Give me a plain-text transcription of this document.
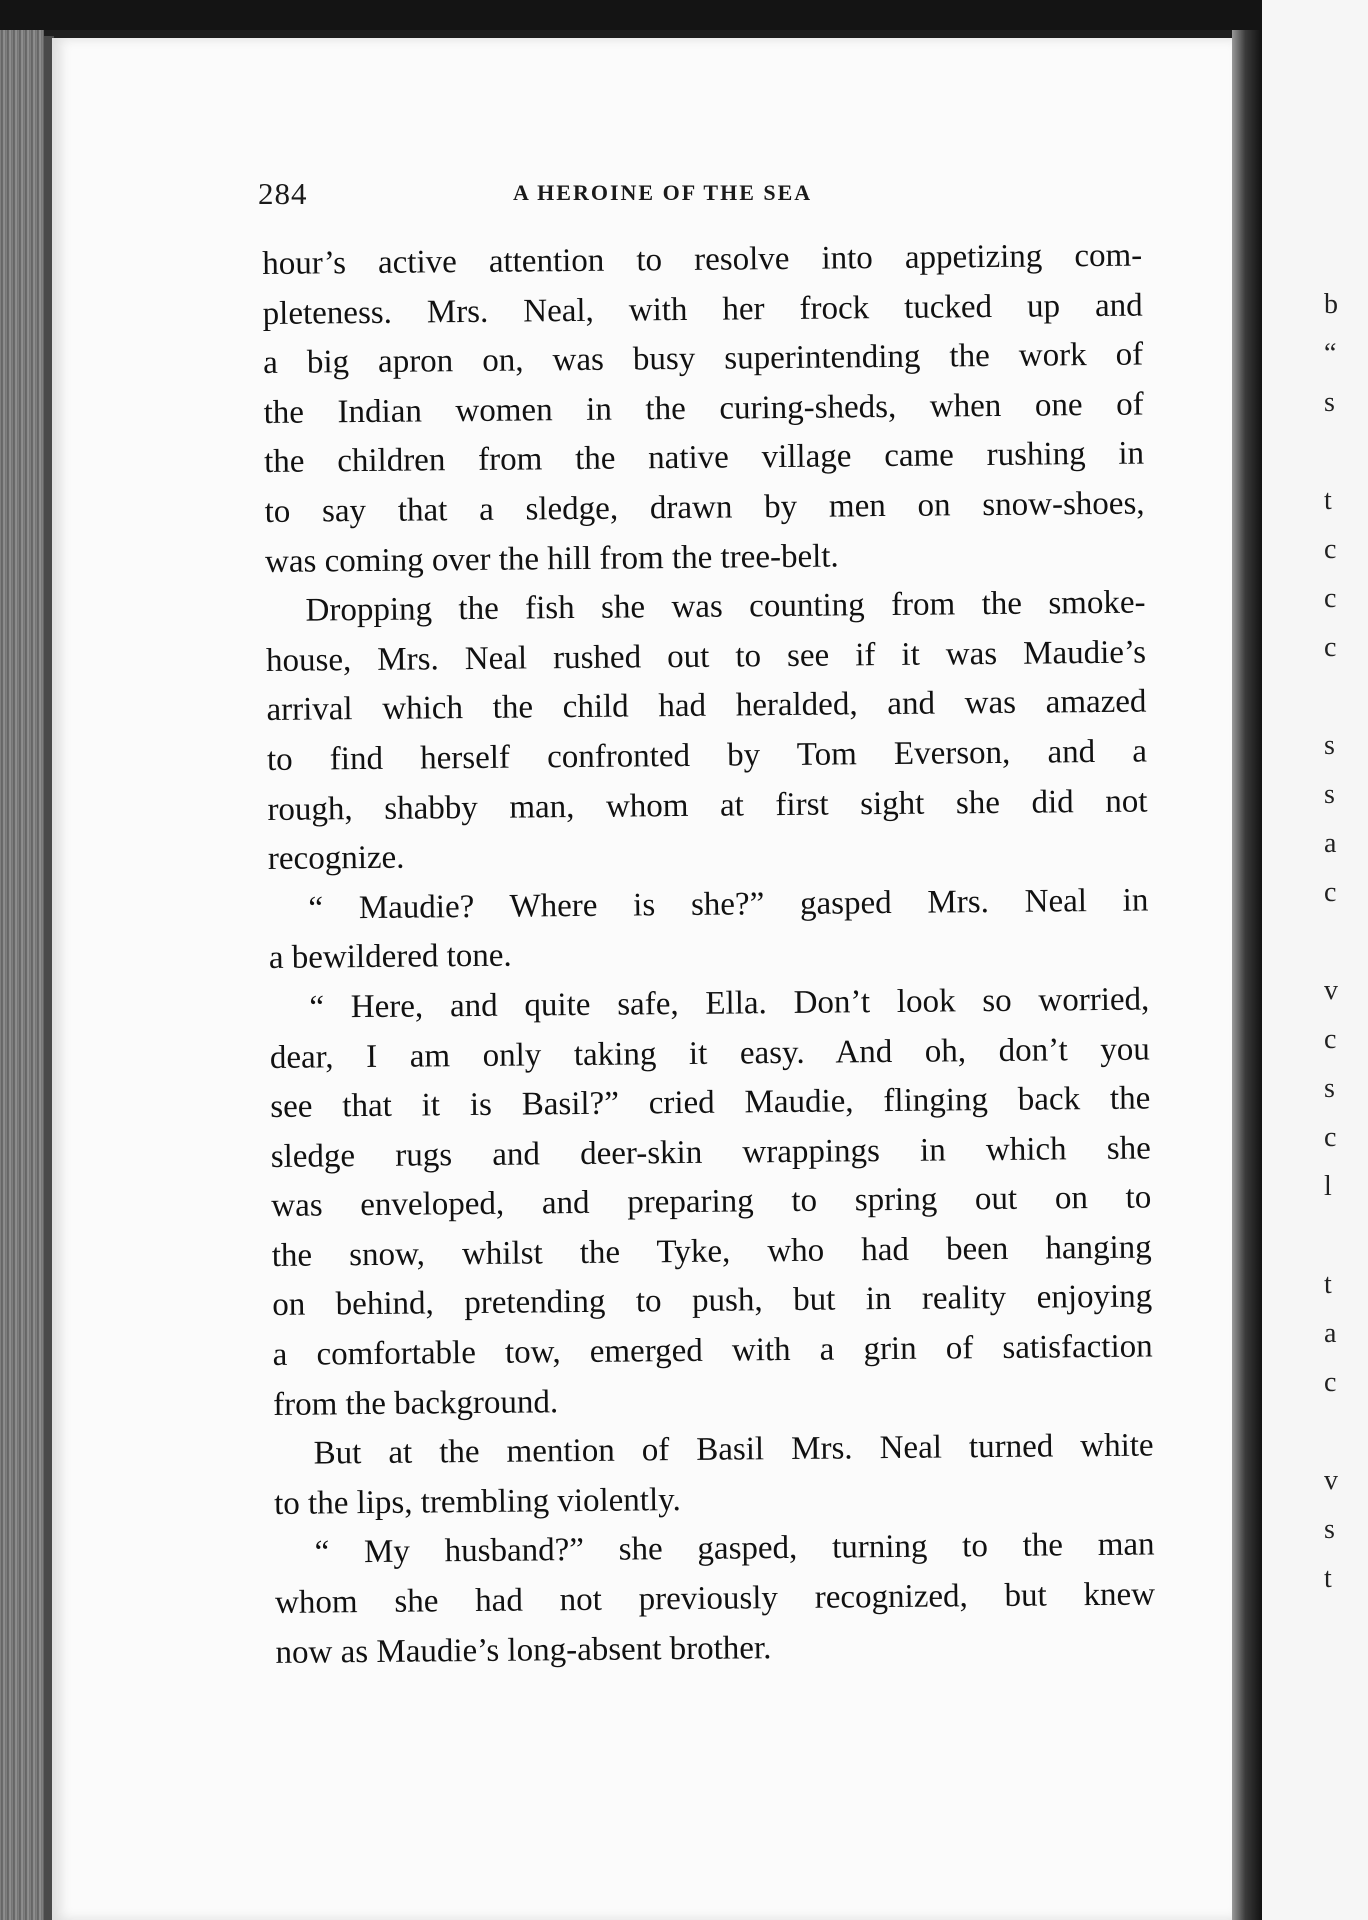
b
“
s
t
c
c
c
s
s
a
c
v
c
s
c
l
t
a
c
v
s
t
284	A HEROINE OF THE SEA
hour’s active attention to resolve into appetizing com-
pleteness. Mrs. Neal, with her frock tucked up and
a big apron on, was busy superintending the work of
the Indian women in the curing-sheds, when one of
the children from the native village came rushing in
to say that a sledge, drawn by men on snow-shoes,
was coming over the hill from the tree-belt.
Dropping the fish she was counting from the smoke-
house, Mrs. Neal rushed out to see if it was Maudie’s
arrival which the child had heralded, and was amazed
to find herself confronted by Tom Everson, and a
rough, shabby man, whom at first sight she did not
recognize.
“ Maudie? Where is she?” gasped Mrs. Neal in
a bewildered tone.
“ Here, and quite safe, Ella. Don’t look so worried,
dear, I am only taking it easy. And oh, don’t you
see that it is Basil?” cried Maudie, flinging back the
sledge rugs and deer-skin wrappings in which she
was enveloped, and preparing to spring out on to
the snow, whilst the Tyke, who had been hanging
on behind, pretending to push, but in reality enjoying
a comfortable tow, emerged with a grin of satisfaction
from the background.
But at the mention of Basil Mrs. Neal turned white
to the lips, trembling violently.
“ My husband?” she gasped, turning to the man
whom she had not previously recognized, but knew
now as Maudie’s long-absent brother.
